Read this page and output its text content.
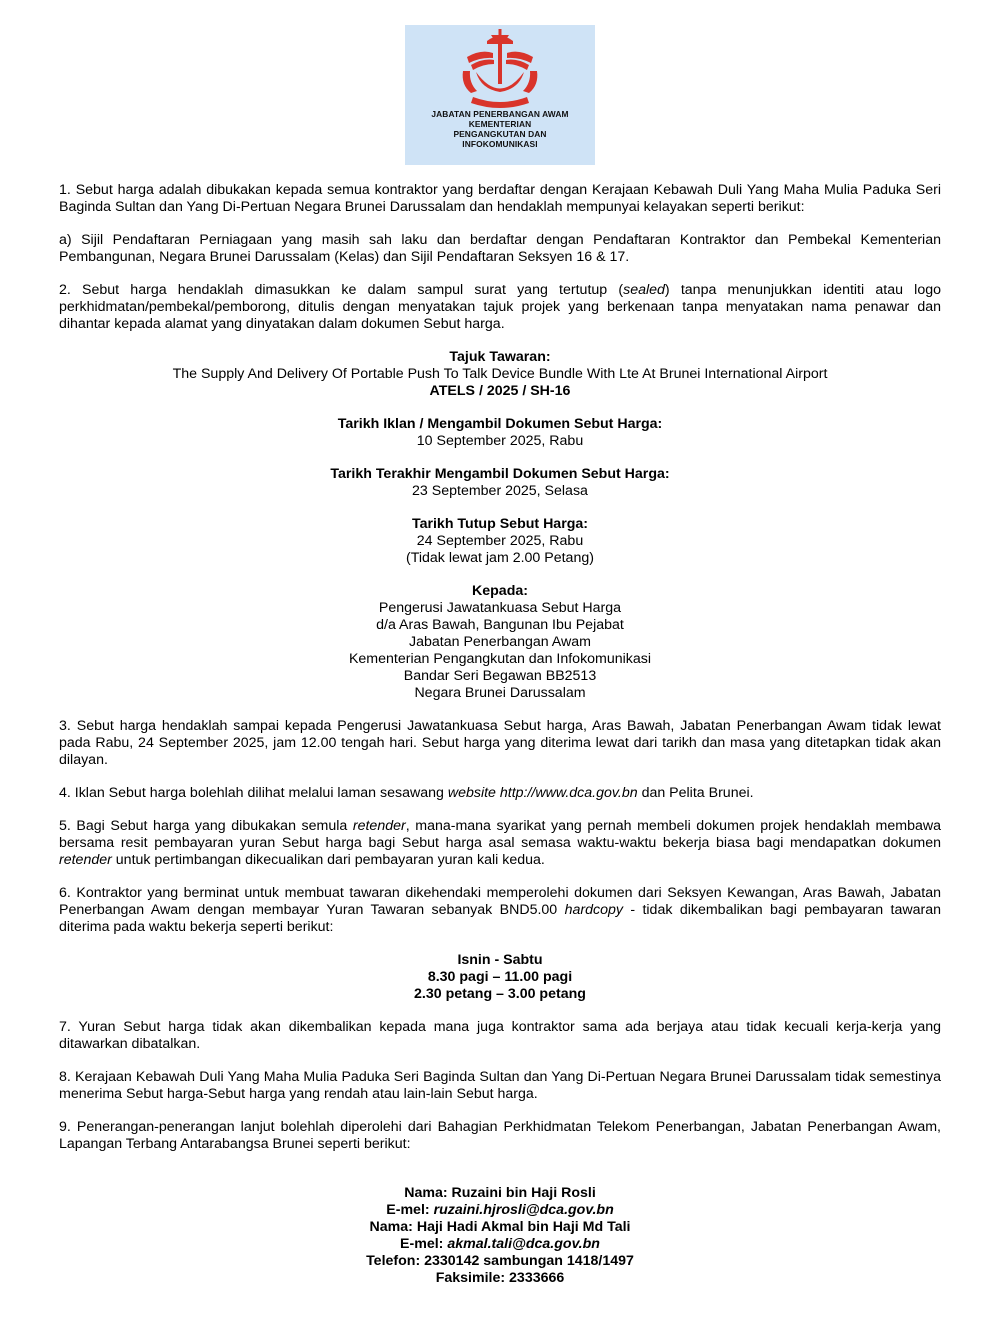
JABATAN PENERBANGAN AWAM
KEMENTERIAN
PENGANGKUTAN DAN
INFOKOMUNIKASI

1. Sebut harga adalah dibukakan kepada semua kontraktor yang berdaftar dengan Kerajaan Kebawah Duli Yang Maha Mulia Paduka Seri Baginda Sultan dan Yang Di-Pertuan Negara Brunei Darussalam dan hendaklah mempunyai kelayakan seperti berikut:

a) Sijil Pendaftaran Perniagaan yang masih sah laku dan berdaftar dengan Pendaftaran Kontraktor dan Pembekal Kementerian Pembangunan, Negara Brunei Darussalam (Kelas) dan Sijil Pendaftaran Seksyen 16 & 17.

2. Sebut harga hendaklah dimasukkan ke dalam sampul surat yang tertutup (sealed) tanpa menunjukkan identiti atau logo perkhidmatan/pembekal/pemborong, ditulis dengan menyatakan tajuk projek yang berkenaan tanpa menyatakan nama penawar dan dihantar kepada alamat yang dinyatakan dalam dokumen Sebut harga.

Tajuk Tawaran:
The Supply And Delivery Of Portable Push To Talk Device Bundle With Lte At Brunei International Airport
ATELS / 2025 / SH-16
Tarikh Iklan / Mengambil Dokumen Sebut Harga:
10 September 2025, Rabu
Tarikh Terakhir Mengambil Dokumen Sebut Harga:
23 September 2025, Selasa
Tarikh Tutup Sebut Harga:
24 September 2025, Rabu
(Tidak lewat jam 2.00 Petang)
Kepada:
Pengerusi Jawatankuasa Sebut Harga
d/a Aras Bawah, Bangunan Ibu Pejabat
Jabatan Penerbangan Awam
Kementerian Pengangkutan dan Infokomunikasi
Bandar Seri Begawan BB2513
Negara Brunei Darussalam

3. Sebut harga hendaklah sampai kepada Pengerusi Jawatankuasa Sebut harga, Aras Bawah, Jabatan Penerbangan Awam tidak lewat pada Rabu, 24 September 2025, jam 12.00 tengah hari. Sebut harga yang diterima lewat dari tarikh dan masa yang ditetapkan tidak akan dilayan.

4. Iklan Sebut harga bolehlah dilihat melalui laman sesawang website http://www.dca.gov.bn dan Pelita Brunei.

5. Bagi Sebut harga yang dibukakan semula retender, mana-mana syarikat yang pernah membeli dokumen projek hendaklah membawa bersama resit pembayaran yuran Sebut harga bagi Sebut harga asal semasa waktu-waktu bekerja biasa bagi mendapatkan dokumen retender untuk pertimbangan dikecualikan dari pembayaran yuran kali kedua.

6. Kontraktor yang berminat untuk membuat tawaran dikehendaki memperolehi dokumen dari Seksyen Kewangan, Aras Bawah, Jabatan Penerbangan Awam dengan membayar Yuran Tawaran sebanyak BND5.00 hardcopy - tidak dikembalikan bagi pembayaran tawaran diterima pada waktu bekerja seperti berikut:

Isnin - Sabtu
8.30 pagi – 11.00 pagi
2.30 petang – 3.00 petang

7. Yuran Sebut harga tidak akan dikembalikan kepada mana juga kontraktor sama ada berjaya atau tidak kecuali kerja-kerja yang ditawarkan dibatalkan.

8. Kerajaan Kebawah Duli Yang Maha Mulia Paduka Seri Baginda Sultan dan Yang Di-Pertuan Negara Brunei Darussalam tidak semestinya menerima Sebut harga-Sebut harga yang rendah atau lain-lain Sebut harga.

9. Penerangan-penerangan lanjut bolehlah diperolehi dari Bahagian Perkhidmatan Telekom Penerbangan, Jabatan Penerbangan Awam, Lapangan Terbang Antarabangsa Brunei seperti berikut:

Nama: Ruzaini bin Haji Rosli
E-mel: ruzaini.hjrosli@dca.gov.bn
Nama: Haji Hadi Akmal bin Haji Md Tali
E-mel: akmal.tali@dca.gov.bn
Telefon: 2330142 sambungan 1418/1497
Faksimile: 2333666
